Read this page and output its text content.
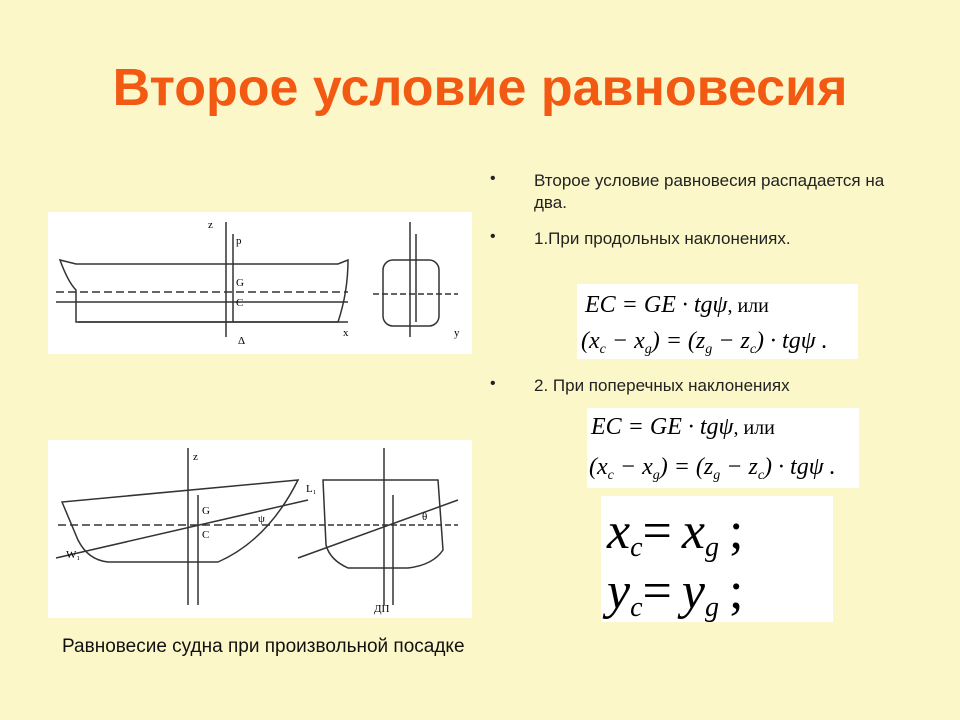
Второе условие равновесия
• Второе условие равновесия распадается на два.
• 1.При продольных наклонениях.
• 2. При поперечных наклонениях
z
p
x
Δ
G
C
y
EC = GE · tgψ, или
$(x_c - x_g) = (z_g - z_c) \cdot tg\psi$ .
EC = GE · tgψ, или
$(x_c - x_g) = (z_g - z_c) \cdot tg\psi$ .
z
G
C
ψ	θ
ДП
W₁
L₁
xc= xg ;
yc= yg ;
Равновесие судна при произвольной посадке
